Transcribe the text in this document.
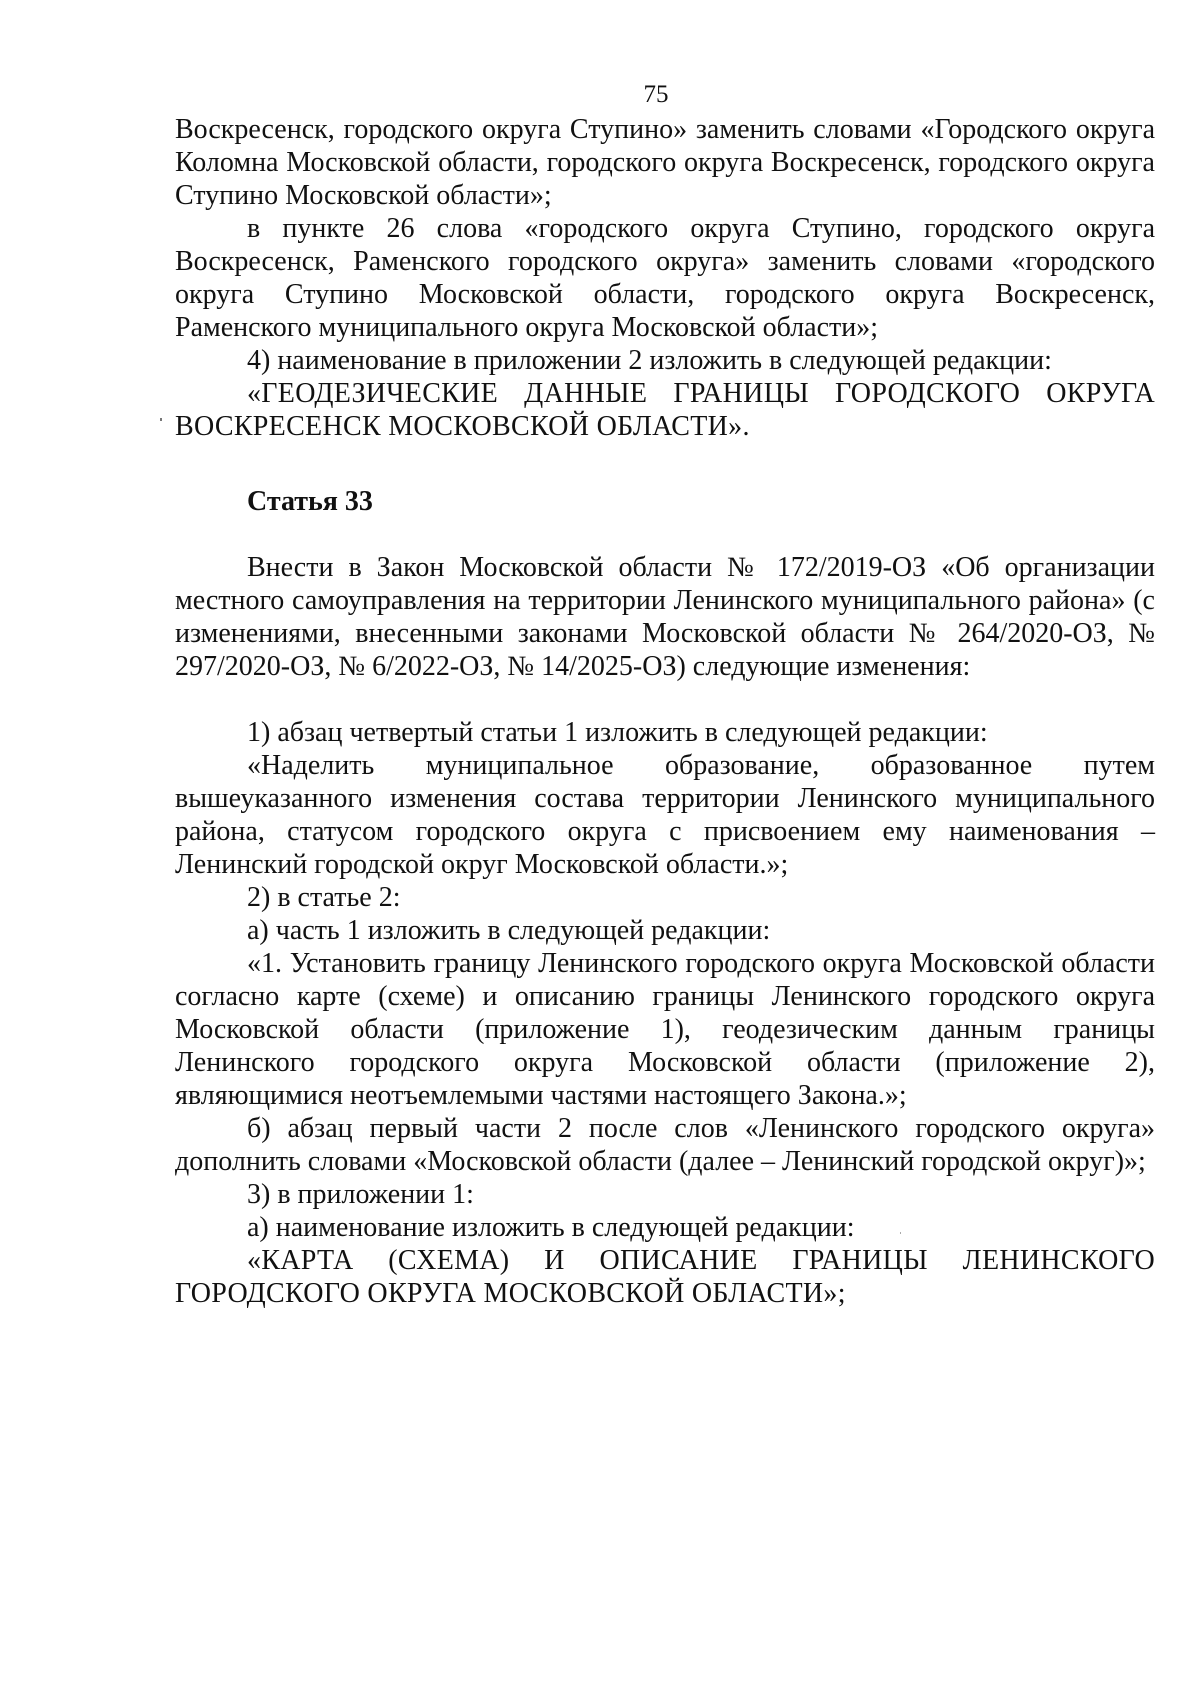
75

Воскресенск, городского округа Ступино» заменить словами «Городского округа Коломна Московской области, городского округа Воскресенск, городского округа Ступино Московской области»;

в пункте 26 слова «городского округа Ступино, городского округа Воскресенск, Раменского городского округа» заменить словами «городского округа Ступино Московской области, городского округа Воскресенск, Раменского муниципального округа Московской области»;

4) наименование в приложении 2 изложить в следующей редакции:

«ГЕОДЕЗИЧЕСКИЕ ДАННЫЕ ГРАНИЦЫ ГОРОДСКОГО ОКРУГА ВОСКРЕСЕНСК МОСКОВСКОЙ ОБЛАСТИ».

Статья 33

Внести в Закон Московской области № 172/2019-ОЗ «Об организации местного самоуправления на территории Ленинского муниципального района» (с изменениями, внесенными законами Московской области № 264/2020-ОЗ, № 297/2020-ОЗ, № 6/2022-ОЗ, № 14/2025-ОЗ) следующие изменения:

1) абзац четвертый статьи 1 изложить в следующей редакции:

«Наделить муниципальное образование, образованное путем вышеуказанного изменения состава территории Ленинского муниципального района, статусом городского округа с присвоением ему наименования – Ленинский городской округ Московской области.»;

2) в статье 2:

а) часть 1 изложить в следующей редакции:

«1. Установить границу Ленинского городского округа Московской области согласно карте (схеме) и описанию границы Ленинского городского округа Московской области (приложение 1), геодезическим данным границы Ленинского городского округа Московской области (приложение 2), являющимися неотъемлемыми частями настоящего Закона.»;

б) абзац первый части 2 после слов «Ленинского городского округа» дополнить словами «Московской области (далее – Ленинский городской округ)»;

3) в приложении 1:

а) наименование изложить в следующей редакции:

«КАРТА (СХЕМА) И ОПИСАНИЕ ГРАНИЦЫ ЛЕНИНСКОГО ГОРОДСКОГО ОКРУГА МОСКОВСКОЙ ОБЛАСТИ»;
